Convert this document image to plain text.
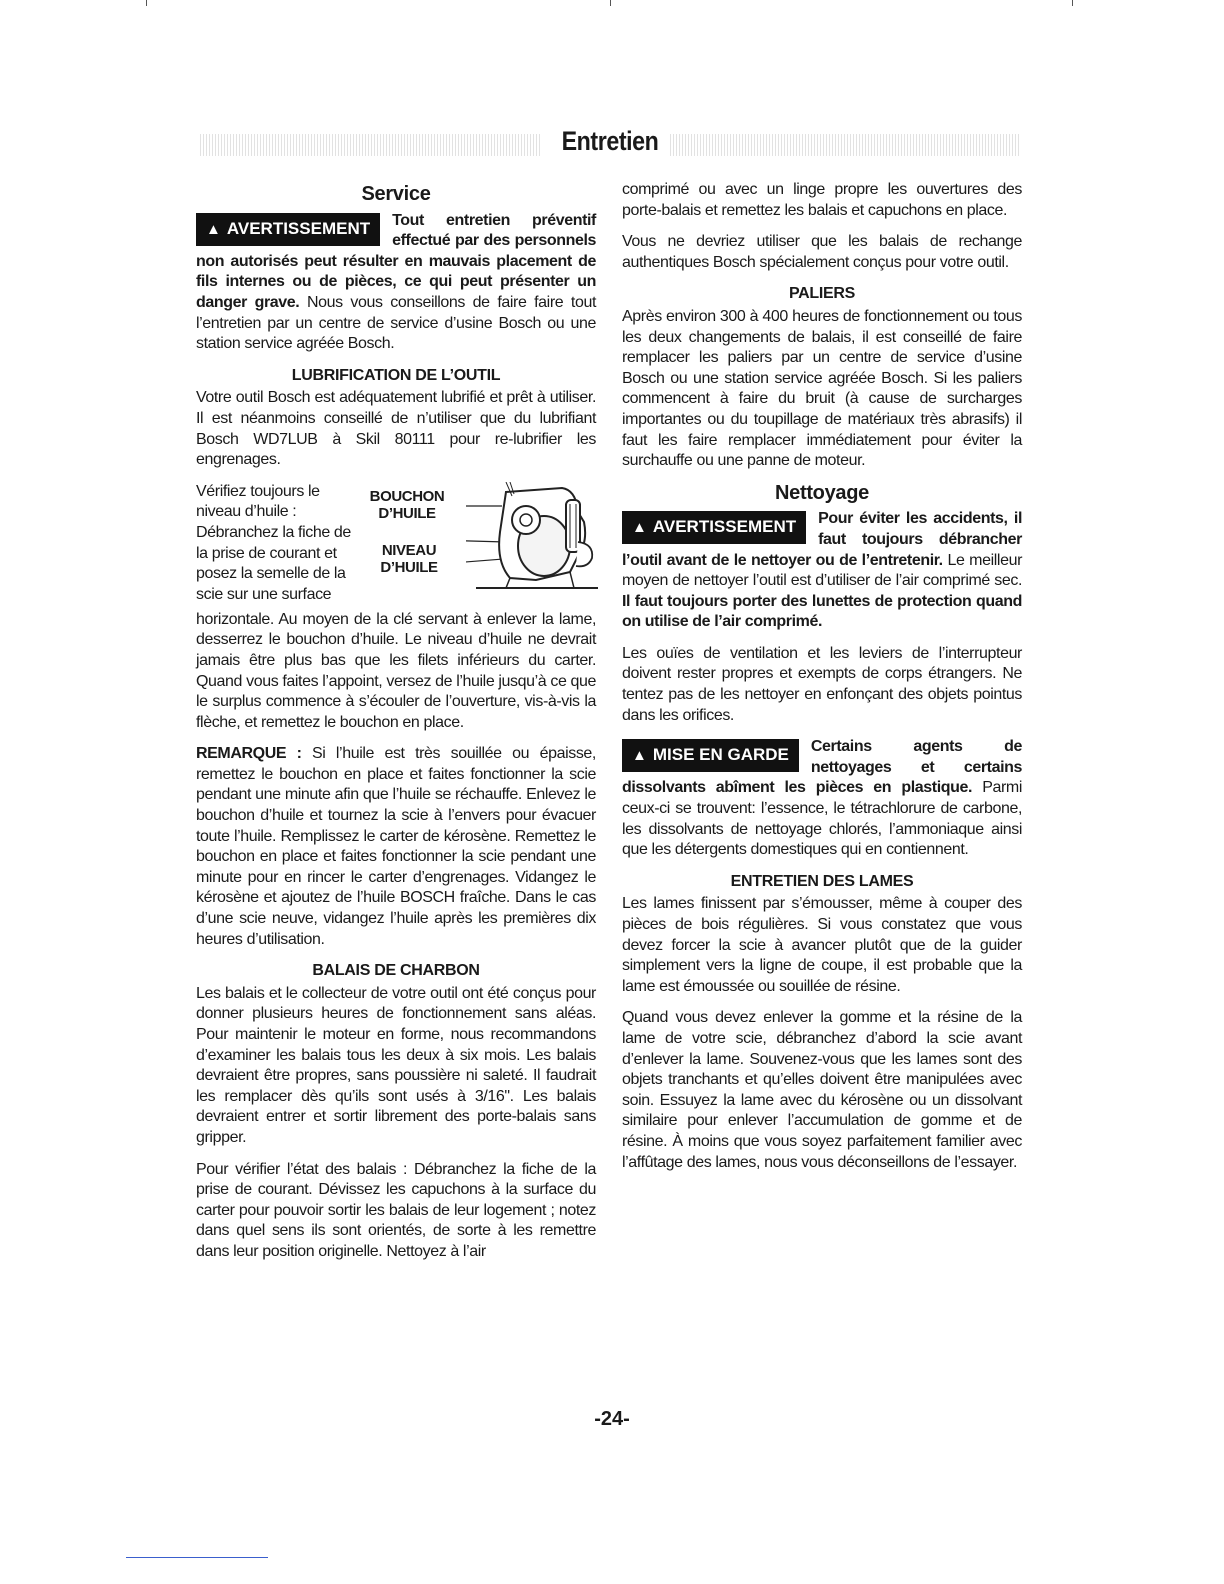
Entretien
Service

▲ AVERTISSEMENT	Tout entretien préventif effectué par des personnels non autorisés peut résulter en mauvais placement de fils internes ou de pièces, ce qui peut présenter un danger grave. Nous vous conseillons de faire faire tout l’entretien par un centre de service d’usine Bosch ou une station service agréée Bosch.

LUBRIFICATION DE L’OUTIL

Votre outil Bosch est adéquatement lubrifié et prêt à utiliser. Il est néanmoins conseillé de n’utiliser que du lubrifiant Bosch WD7LUB à Skil 80111 pour re-lubrifier les engrenages.

Vérifiez toujours le niveau d’huile : Débranchez la fiche de la prise de courant et posez la semelle de la scie sur une surface
BOUCHON
D’HUILE
NIVEAU
D’HUILE

horizontale. Au moyen de la clé servant à enlever la lame, desserrez le bouchon d’huile. Le niveau d’huile ne devrait jamais être plus bas que les filets inférieurs du carter. Quand vous faites l’appoint, versez de l’huile jusqu’à ce que le surplus commence à s’écouler de l’ouverture, vis-à-vis la flèche, et remettez le bouchon en place.

REMARQUE : Si l’huile est très souillée ou épaisse, remettez le bouchon en place et faites fonctionner la scie pendant une minute afin que l’huile se réchauffe. Enlevez le bouchon d’huile et tournez la scie à l’envers pour évacuer toute l’huile. Remplissez le carter de kérosène. Remettez le bouchon en place et faites fonctionner la scie pendant une minute pour en rincer le carter d’engrenages. Vidangez le kérosène et ajoutez de l’huile BOSCH fraîche. Dans le cas d’une scie neuve, vidangez l’huile après les premières dix heures d’utilisation.

BALAIS DE CHARBON

Les balais et le collecteur de votre outil ont été conçus pour donner plusieurs heures de fonctionnement sans aléas. Pour maintenir le moteur en forme, nous recommandons d’examiner les balais tous les deux à six mois. Les balais devraient être propres, sans poussière ni saleté. Il faudrait les remplacer dès qu’ils sont usés à 3/16". Les balais devraient entrer et sortir librement des porte-balais sans gripper.

Pour vérifier l’état des balais : Débranchez la fiche de la prise de courant. Dévissez les capuchons à la surface du carter pour pouvoir sortir les balais de leur logement ; notez dans quel sens ils sont orientés, de sorte à les remettre dans leur position originelle. Nettoyez à l’air

comprimé ou avec un linge propre les ouvertures des porte-balais et remettez les balais et capuchons en place.

Vous ne devriez utiliser que les balais de rechange authentiques Bosch spécialement conçus pour votre outil.

PALIERS

Après environ 300 à 400 heures de fonctionnement ou tous les deux changements de balais, il est conseillé de faire remplacer les paliers par un centre de service d’usine Bosch ou une station service agréée Bosch. Si les paliers commencent à faire du bruit (à cause de surcharges importantes ou du toupillage de matériaux très abrasifs) il faut les faire remplacer immédiatement pour éviter la surchauffe ou une panne de moteur.

Nettoyage

▲ AVERTISSEMENT	Pour éviter les accidents, il faut toujours débrancher l’outil avant de le nettoyer ou de l’entretenir. Le meilleur moyen de nettoyer l’outil est d’utiliser de l’air comprimé sec. Il faut toujours porter des lunettes de protection quand on utilise de l’air comprimé.

Les ouïes de ventilation et les leviers de l’interrupteur doivent rester propres et exempts de corps étrangers. Ne tentez pas de les nettoyer en enfonçant des objets pointus dans les orifices.

▲ MISE EN GARDE	Certains agents de nettoyages et certains dissolvants abîment les pièces en plastique. Parmi ceux-ci se trouvent: l’essence, le tétrachlorure de carbone, les dissolvants de nettoyage chlorés, l’ammoniaque ainsi que les détergents domestiques qui en contiennent.

ENTRETIEN DES LAMES

Les lames finissent par s’émousser, même à couper des pièces de bois régulières. Si vous constatez que vous devez forcer la scie à avancer plutôt que de la guider simplement vers la ligne de coupe, il est probable que la lame est émoussée ou souillée de résine.

Quand vous devez enlever la gomme et la résine de la lame de votre scie, débranchez d’abord la scie avant d’enlever la lame. Souvenez-vous que les lames sont des objets tranchants et qu’elles doivent être manipulées avec soin. Essuyez la lame avec du kérosène ou un dissolvant similaire pour enlever l’accumulation de gomme et de résine. À moins que vous soyez parfaitement familier avec l’affûtage des lames, nous vous déconseillons de l’essayer.

-24-
